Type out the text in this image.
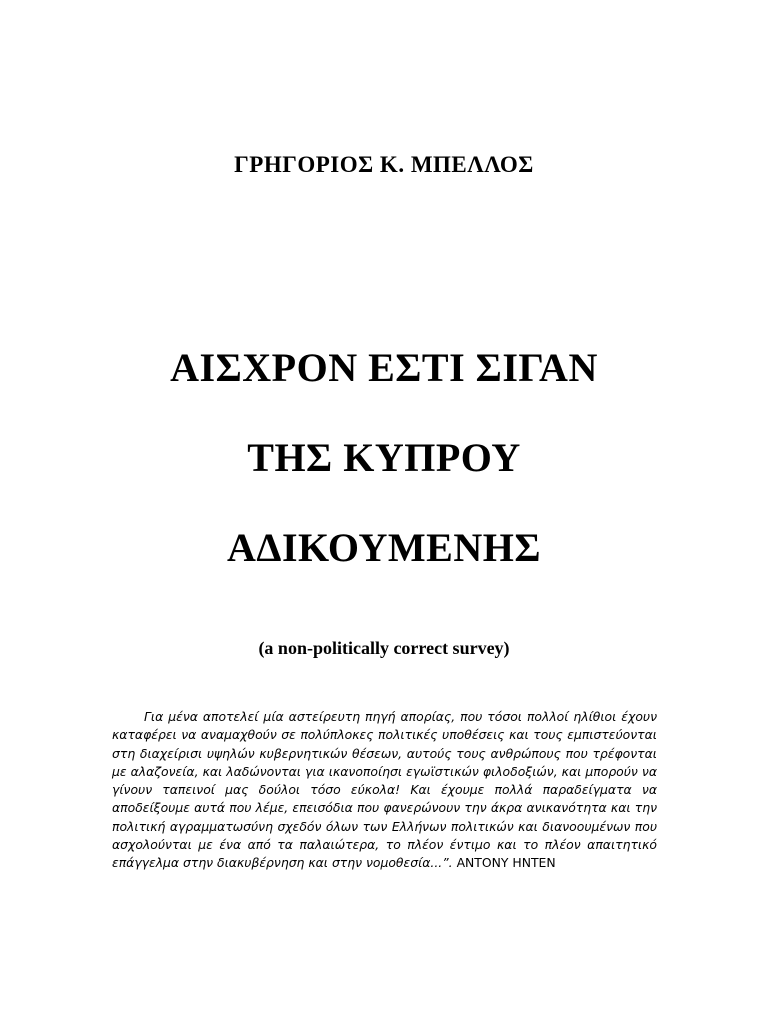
ΓΡΗΓΟΡΙΟΣ Κ. ΜΠΕΛΛΟΣ
ΑΙΣΧΡΟΝ ΕΣΤΙ ΣΙΓΑΝ
ΤΗΣ ΚΥΠΡΟΥ
ΑΔΙΚΟΥΜΕΝΗΣ
(a non-politically correct survey)
Για μένα αποτελεί μία αστείρευτη πηγή απορίας, που τόσοι πολλοί ηλίθιοι έχουν καταφέρει να αναμαχθούν σε πολύπλοκες πολιτικές υποθέσεις και τους εμπιστεύονται στη διαχείρισι υψηλών κυβερνητικών θέσεων, αυτούς τους ανθρώπους που τρέφονται με αλαζονεία, και λαδώνονται για ικανοποίησι εγωϊστικών φιλοδοξιών, και μπορούν να γίνουν ταπεινοί μας δούλοι τόσο εύκολα! Και έχουμε πολλά παραδείγματα να αποδείξουμε αυτά που λέμε, επεισόδια που φανερώνουν την άκρα ανικανότητα και την πολιτική αγραμματωσύνη σχεδόν όλων των Ελλήνων πολιτικών και διανοουμένων που ασχολούνται με ένα από τα παλαιώτερα, το πλέον έντιμο και το πλέον απαιτητικό επάγγελμα στην διακυβέρνηση και στην νομοθεσία...”. ΑΝΤΟΝΥ ΗΝΤΕΝ
